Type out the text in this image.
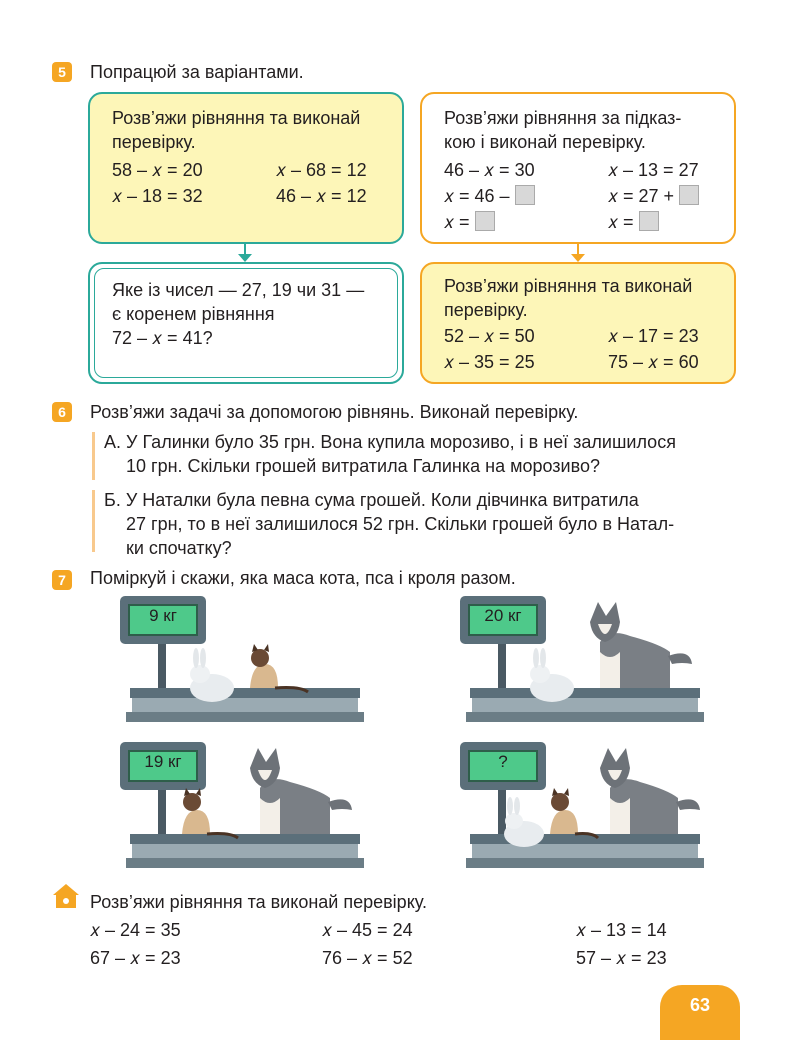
5	Попрацюй за варіантами.
Розв’яжи рівняння та виконай
перевірку.
58 – 𝑥 = 20	𝑥 – 68 = 12
𝑥 – 18 = 32	46 – 𝑥 = 12
Розв’яжи рівняння за підказ-
кою і виконай перевірку.
46 – 𝑥 = 30	𝑥 – 13 = 27
𝑥 = 46 –	𝑥 = 27 +
𝑥 =	𝑥 =
Яке із чисел — 27, 19 чи 31 —
є коренем рівняння
72 – 𝑥 = 41?
Розв’яжи рівняння та виконай
перевірку.
52 – 𝑥 = 50	𝑥 – 17 = 23
𝑥 – 35 = 25	75 – 𝑥 = 60
6	Розв’яжи задачі за допомогою рівнянь. Виконай перевірку.
А. У Галинки було 35 грн. Вона купила морозиво, і в неї залишилося
10 грн. Скільки грошей витратила Галинка на морозиво?
Б. У Наталки була певна сума грошей. Коли дівчинка витратила
27 грн, то в неї залишилося 52 грн. Скільки грошей було в Натал-
ки спочатку?
7	Поміркуй і скажи, яка маса кота, пса і кроля разом.
9 кг	20 кг
19 кг	?
Розв’яжи рівняння та виконай перевірку.
𝑥 – 24 = 35	𝑥 – 45 = 24	𝑥 – 13 = 14
67 – 𝑥 = 23	76 – 𝑥 = 52	57 – 𝑥 = 23
63
